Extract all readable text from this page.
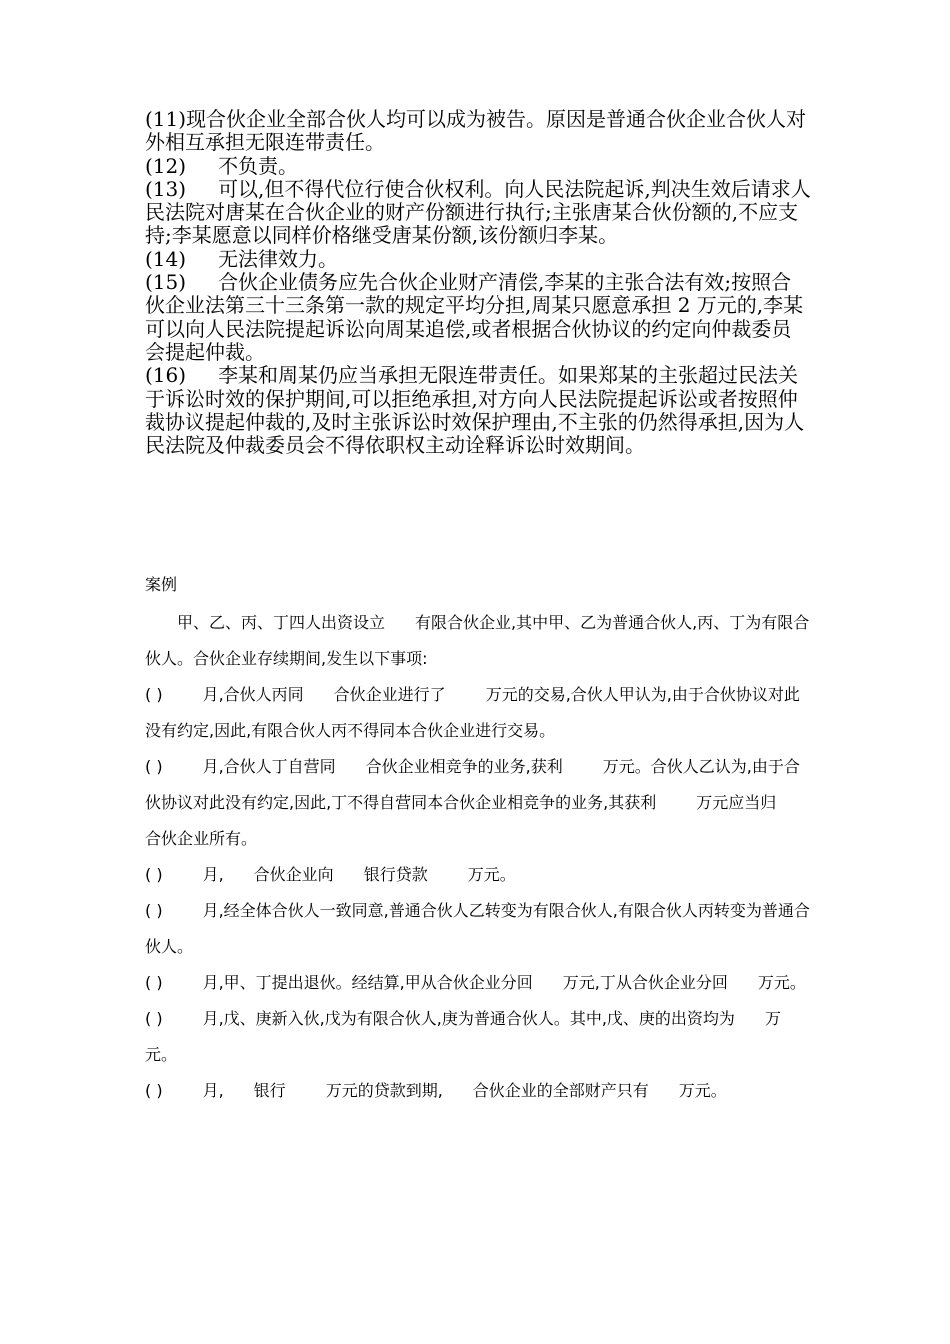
(11)现合伙企业全部合伙人均可以成为被告。原因是普通合伙企业合伙人对外相互承担无限连带责任。

(12) 不负责。

(13) 可以,但不得代位行使合伙权利。向人民法院起诉,判决生效后请求人民法院对唐某在合伙企业的财产份额进行执行;主张唐某合伙份额的,不应支持;李某愿意以同样价格继受唐某份额,该份额归李某。

(14) 无法律效力。

(15) 合伙企业债务应先合伙企业财产清偿,李某的主张合法有效;按照合伙企业法第三十三条第一款的规定平均分担,周某只愿意承担 2 万元的,李某可以向人民法院提起诉讼向周某追偿,或者根据合伙协议的约定向仲裁委员会提起仲裁。

(16) 李某和周某仍应当承担无限连带责任。如果郑某的主张超过民法关于诉讼时效的保护期间,可以拒绝承担,对方向人民法院提起诉讼或者按照仲裁协议提起仲裁的,及时主张诉讼时效保护理由,不主张的仍然得承担,因为人民法院及仲裁委员会不得依职权主动诠释诉讼时效期间。

案例

甲、乙、丙、丁四人出资设立 有限合伙企业,其中甲、乙为普通合伙人,丙、丁为有限合伙人。合伙企业存续期间,发生以下事项:

( )	月,合伙人丙同 合伙企业进行了	万元的交易,合伙人甲认为,由于合伙协议对此没有约定,因此,有限合伙人丙不得同本合伙企业进行交易。

( )	月,合伙人丁自营同 合伙企业相竞争的业务,获利	万元。合伙人乙认为,由于合伙协议对此没有约定,因此,丁不得自营同本合伙企业相竞争的业务,其获利	万元应当归合伙企业所有。

( )	月, 合伙企业向 银行贷款	万元。

( )	月,经全体合伙人一致同意,普通合伙人乙转变为有限合伙人,有限合伙人丙转变为普通合伙人。

( )	月,甲、丁提出退伙。经结算,甲从合伙企业分回 万元,丁从合伙企业分回 万元。

( )	月,戊、庚新入伙,戊为有限合伙人,庚为普通合伙人。其中,戊、庚的出资均为 万元。

( )	月, 银行	万元的贷款到期, 合伙企业的全部财产只有 万元。
